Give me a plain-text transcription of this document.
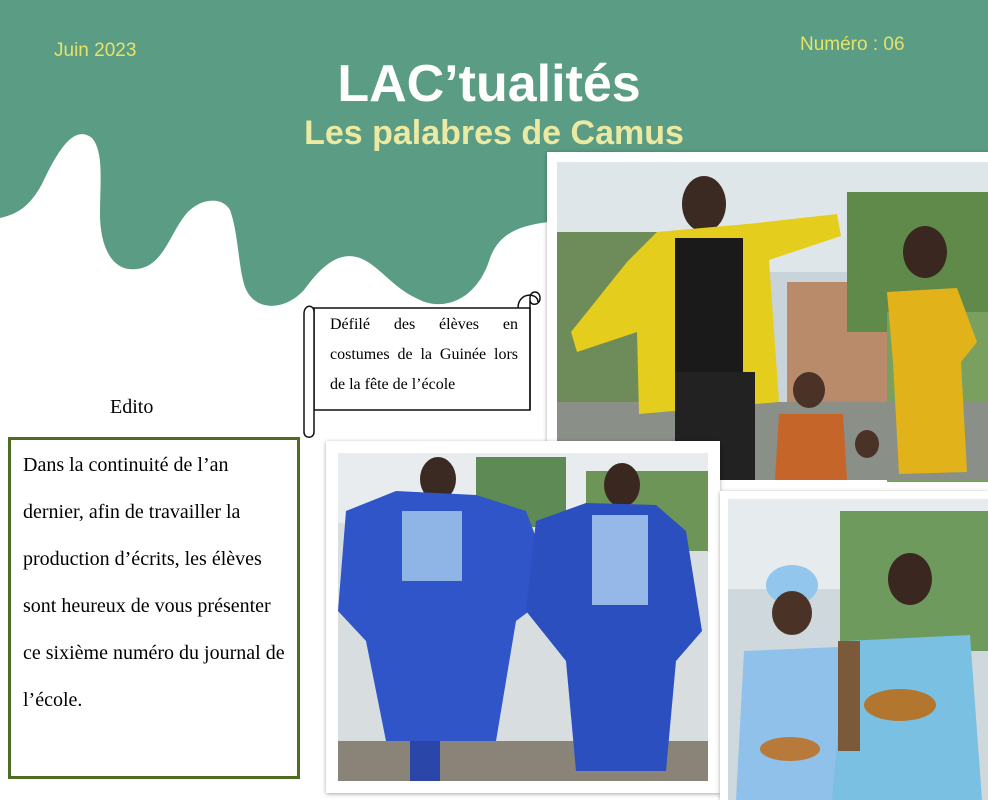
Juin 2023	Numéro : 06
LAC’tualités
Les palabres de Camus
Défilé des élèves en costumes de la Guinée lors de la fête de l’école
Edito

Dans la continuité de l’an dernier, afin de travailler la production d’écrits, les élèves sont heureux de vous présenter ce sixième numéro du journal de l’école.
